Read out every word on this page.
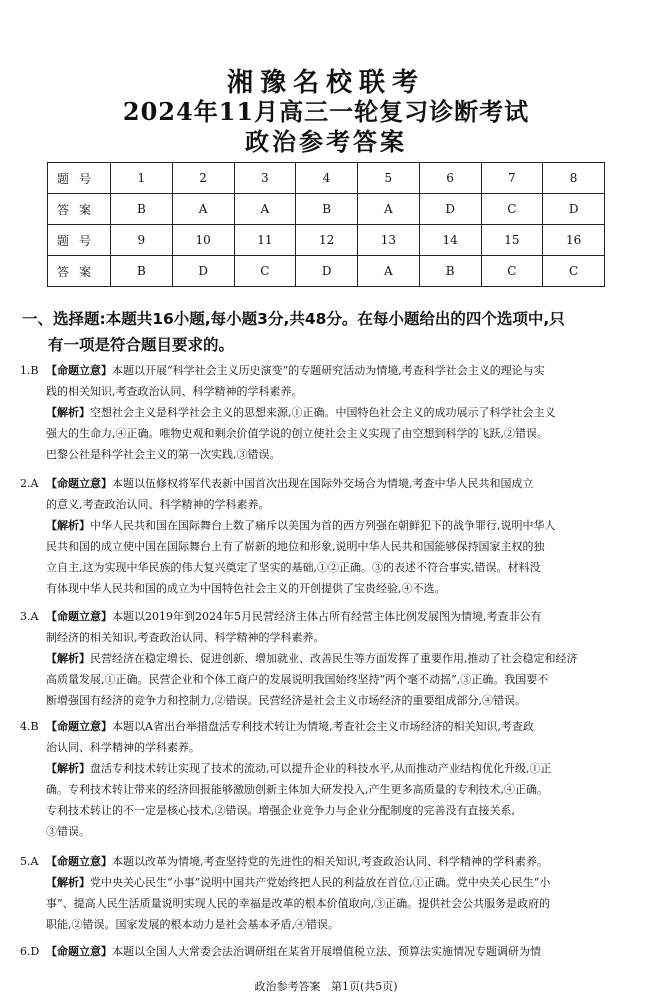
湘豫名校联考
2024年11月高三一轮复习诊断考试
政治参考答案
题号	1	2	3	4	5	6	7	8
答案	B	A	A	B	A	D	C	D
题号	9	10	11	12	13	14	15	16
答案	B	D	C	D	A	B	C	C
一、选择题:本题共16小题,每小题3分,共48分。在每小题给出的四个选项中,只
有一项是符合题目要求的。

1.B 【命题立意】本题以开展“科学社会主义历史演变”的专题研究活动为情境,考查科学社会主义的理论与实

践的相关知识,考查政治认同、科学精神的学科素养。

【解析】空想社会主义是科学社会主义的思想来源,①正确。中国特色社会主义的成功展示了科学社会主义

强大的生命力,④正确。唯物史观和剩余价值学说的创立使社会主义实现了由空想到科学的飞跃,②错误。

巴黎公社是科学社会主义的第一次实践,③错误。

2.A 【命题立意】本题以伍修权将军代表新中国首次出现在国际外交场合为情境,考查中华人民共和国成立

的意义,考查政治认同、科学精神的学科素养。

【解析】中华人民共和国在国际舞台上数了痛斥以美国为首的西方列强在朝鲜犯下的战争罪行,说明中华人

民共和国的成立使中国在国际舞台上有了崭新的地位和形象,说明中华人民共和国能够保持国家主权的独

立自主,这为实现中华民族的伟大复兴奠定了坚实的基础,①②正确。③的表述不符合事实,错误。材料没

有体现中华人民共和国的成立为中国特色社会主义的开创提供了宝贵经验,④不选。

3.A 【命题立意】本题以2019年到2024年5月民营经济主体占所有经营主体比例发展图为情境,考查非公有

制经济的相关知识,考查政治认同、科学精神的学科素养。

【解析】民营经济在稳定增长、促进创新、增加就业、改善民生等方面发挥了重要作用,推动了社会稳定和经济

高质量发展,①正确。民营企业和个体工商户的发展说明我国始终坚持“两个毫不动摇”,③正确。我国要不

断增强国有经济的竞争力和控制力,②错误。民营经济是社会主义市场经济的重要组成部分,④错误。

4.B 【命题立意】本题以A省出台举措盘活专利技术转让为情境,考查社会主义市场经济的相关知识,考查政

治认同、科学精神的学科素养。

【解析】盘活专利技术转让实现了技术的流动,可以提升企业的科技水平,从而推动产业结构优化升级,①正

确。专利技术转让带来的经济回报能够激励创新主体加大研发投入,产生更多高质量的专利技术,④正确。

专利技术转让的不一定是核心技术,②错误。增强企业竞争力与企业分配制度的完善没有直接关系,

③错误。

5.A 【命题立意】本题以改革为情境,考查坚持党的先进性的相关知识,考查政治认同、科学精神的学科素养。

【解析】党中央关心民生“小事”说明中国共产党始终把人民的利益放在首位,①正确。党中央关心民生“小

事”、提高人民生活质量说明实现人民的幸福是改革的根本价值取向,③正确。提供社会公共服务是政府的

职能,②错误。国家发展的根本动力是社会基本矛盾,④错误。

6.D 【命题立意】本题以全国人大常委会法治调研组在某省开展增值税立法、预算法实施情况专题调研为情

政治参考答案 第1页(共5页)
